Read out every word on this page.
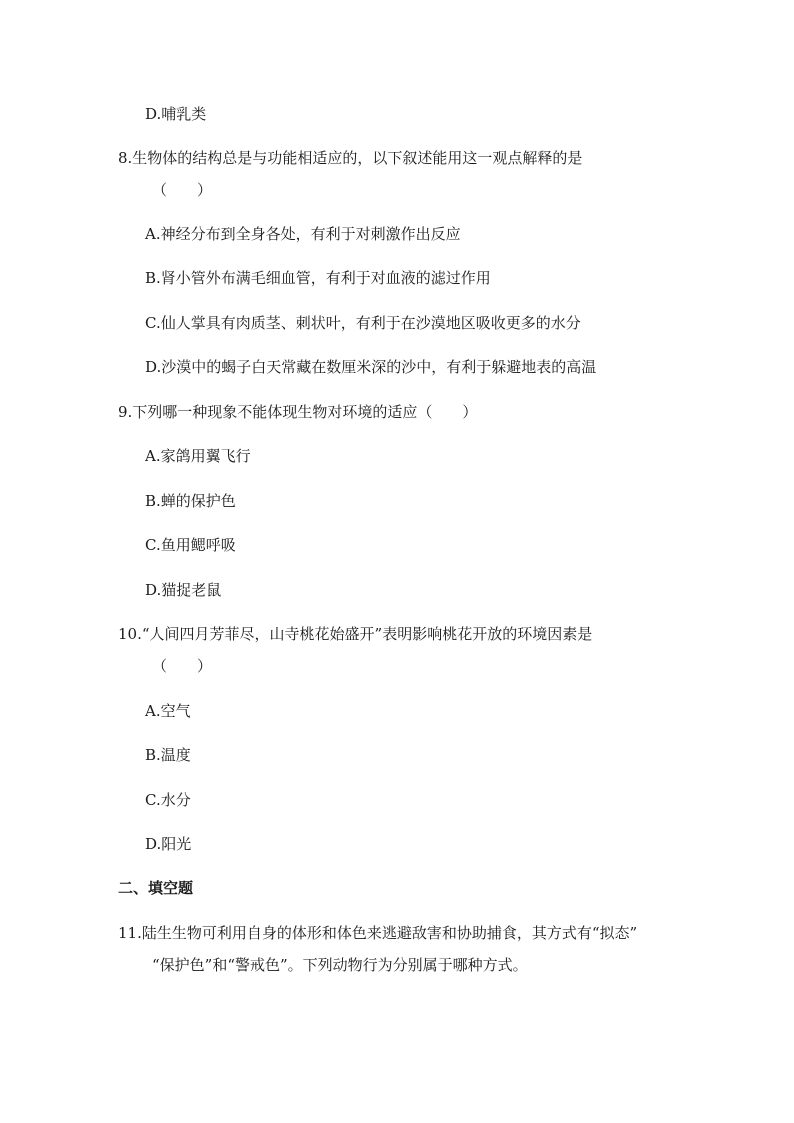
D.哺乳类
8.生物体的结构总是与功能相适应的，以下叙述能用这一观点解释的是
（　　）
A.神经分布到全身各处，有利于对刺激作出反应
B.肾小管外布满毛细血管，有利于对血液的滤过作用
C.仙人掌具有肉质茎、刺状叶，有利于在沙漠地区吸收更多的水分
D.沙漠中的蝎子白天常藏在数厘米深的沙中，有利于躲避地表的高温
9.下列哪一种现象不能体现生物对环境的适应（　　）
A.家鸽用翼飞行
B.蝉的保护色
C.鱼用鳃呼吸
D.猫捉老鼠
10.“人间四月芳菲尽，山寺桃花始盛开”表明影响桃花开放的环境因素是
（　　）
A.空气
B.温度
C.水分
D.阳光
二、填空题
11.陆生生物可利用自身的体形和体色来逃避敌害和协助捕食，其方式有“拟态”
“保护色”和“警戒色”。下列动物行为分别属于哪种方式。
